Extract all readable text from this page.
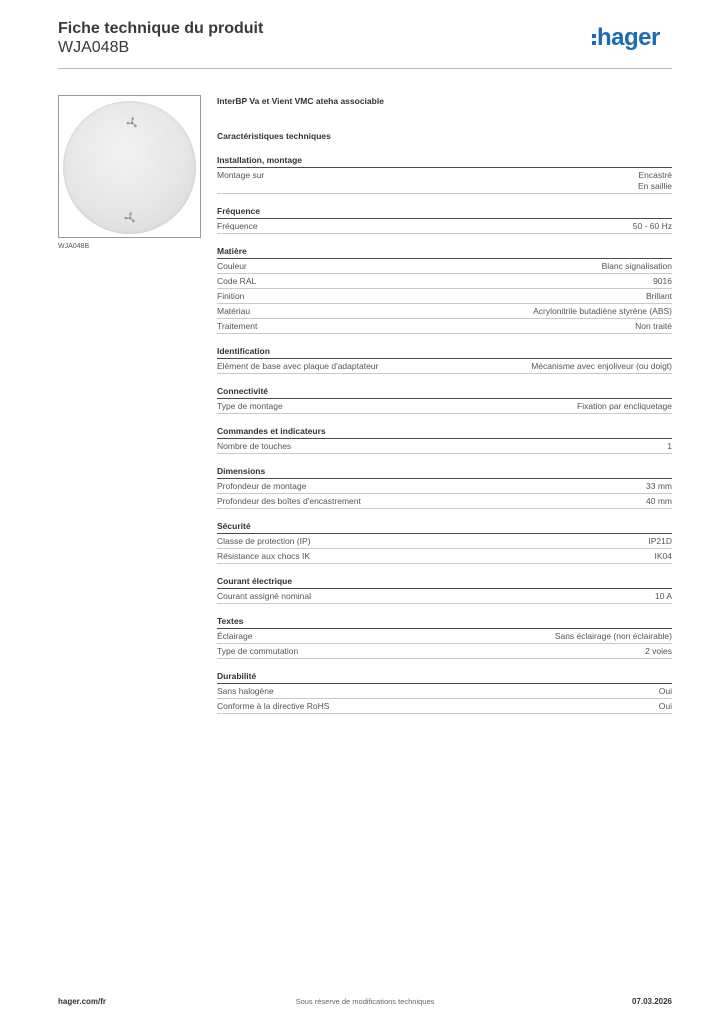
Fiche technique du produit
WJA048B	hager
WJA048B
InterBP Va et Vient VMC ateha associable
Caractéristiques techniques
Installation, montage
Montage sur	Encastré
En saillie
Fréquence
Fréquence	50 - 60 Hz
Matière
Couleur	Blanc signalisation
Code RAL	9016
Finition	Brillant
Matériau	Acrylonitrile butadiène styrène (ABS)
Traitement	Non traité
Identification
Elément de base avec plaque d'adaptateur	Mécanisme avec enjoliveur (ou doigt)
Connectivité
Type de montage	Fixation par encliquetage
Commandes et indicateurs
Nombre de touches	1
Dimensions
Profondeur de montage	33 mm
Profondeur des boîtes d'encastrement	40 mm
Sécurité
Classe de protection (IP)	IP21D
Résistance aux chocs IK	IK04
Courant électrique
Courant assigné nominal	10 A
Textes
Éclairage	Sans éclairage (non éclairable)
Type de commutation	2 voies
Durabilité
Sans halogène	Oui
Conforme à la directive RoHS	Oui
hager.com/fr	Sous réserve de modifications techniques	07.03.2026
